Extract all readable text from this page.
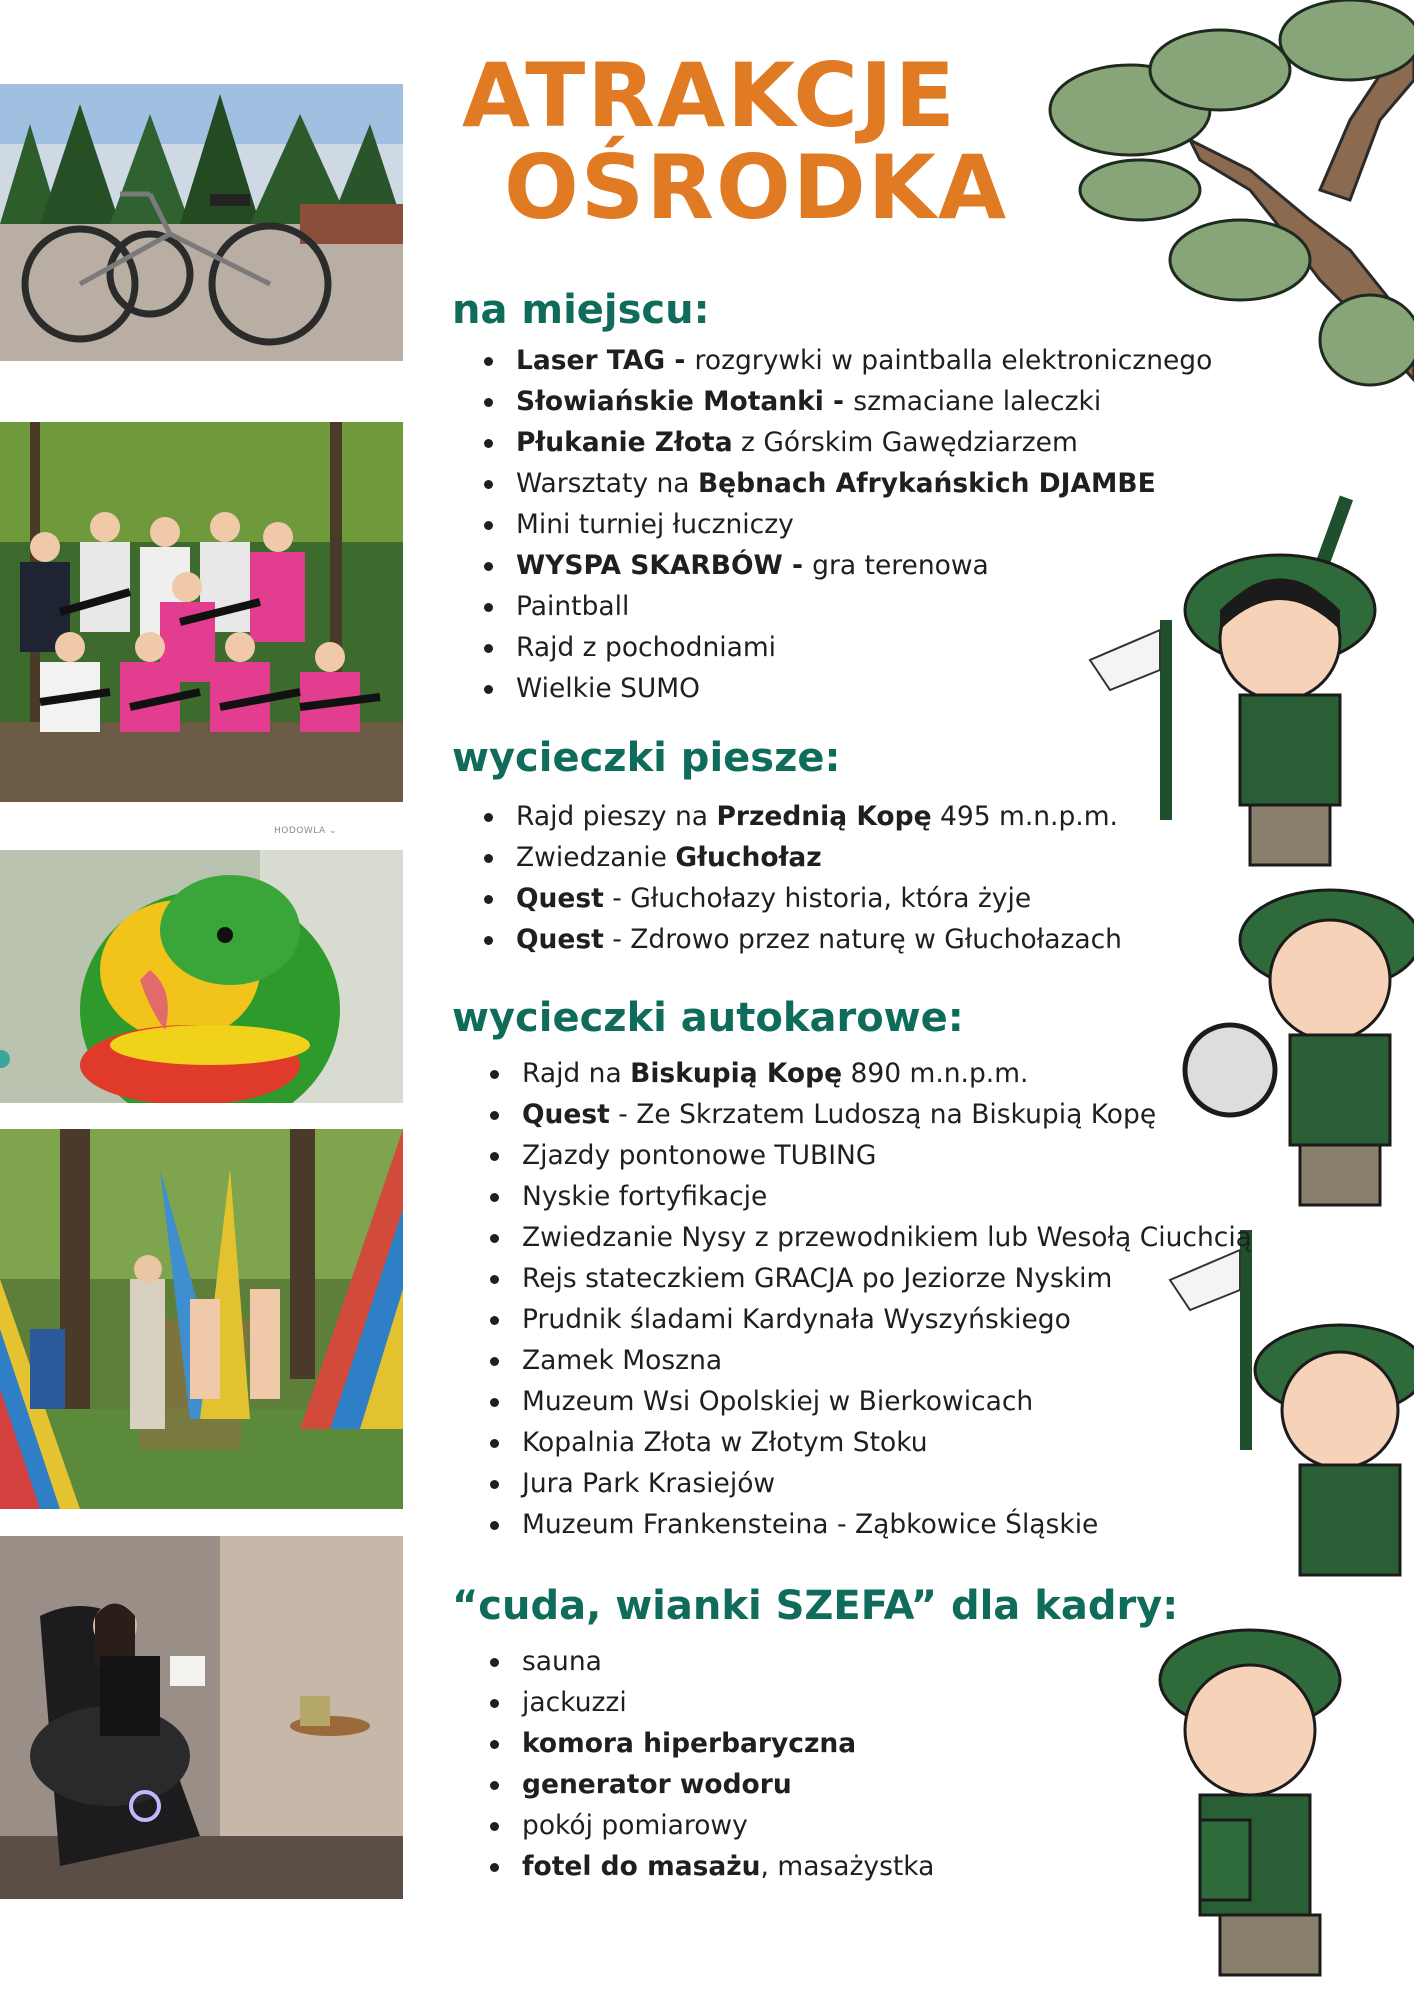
HODOWLA ⌄
ATRAKCJE
OŚRODKA
na miejscu:
Laser TAG - rozgrywki w paintballa elektronicznego
Słowiańskie Motanki - szmaciane laleczki
Płukanie Złota z Górskim Gawędziarzem
Warsztaty na Bębnach Afrykańskich DJAMBE
Mini turniej łuczniczy
WYSPA SKARBÓW - gra terenowa
Paintball
Rajd z pochodniami
Wielkie SUMO
wycieczki piesze:
Rajd pieszy na Przednią Kopę 495 m.n.p.m.
Zwiedzanie Głuchołaz
Quest - Głuchołazy historia, która żyje
Quest - Zdrowo przez naturę w Głuchołazach
wycieczki autokarowe:
Rajd na Biskupią Kopę 890 m.n.p.m.
Quest - Ze Skrzatem Ludoszą na Biskupią Kopę
Zjazdy pontonowe TUBING
Nyskie fortyfikacje
Zwiedzanie Nysy z przewodnikiem lub Wesołą Ciuchcią
Rejs stateczkiem GRACJA po Jeziorze Nyskim
Prudnik śladami Kardynała Wyszyńskiego
Zamek Moszna
Muzeum Wsi Opolskiej w Bierkowicach
Kopalnia Złota w Złotym Stoku
Jura Park Krasiejów
Muzeum Frankensteina - Ząbkowice Śląskie
“cuda, wianki SZEFA” dla kadry:
sauna
jackuzzi
komora hiperbaryczna
generator wodoru
pokój pomiarowy
fotel do masażu, masażystka
